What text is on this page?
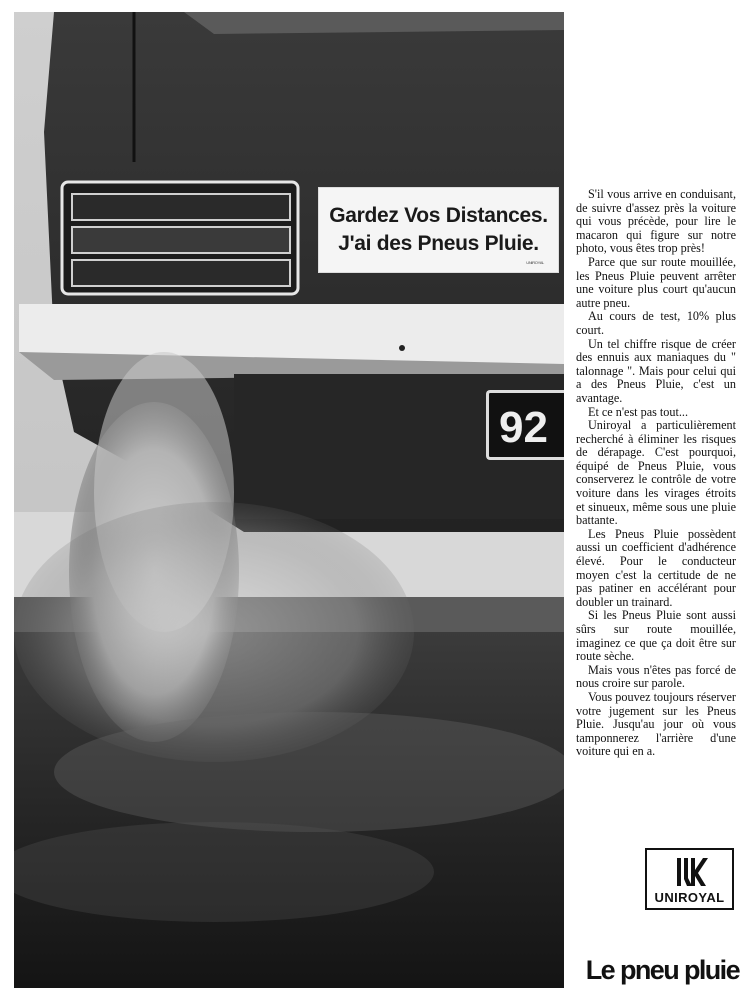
Gardez Vos Distances.
J'ai des Pneus Pluie.
UNIROYAL
92

S'il vous arrive en conduisant, de suivre d'assez près la voiture qui vous précède, pour lire le macaron qui figure sur notre photo, vous êtes trop près!

Parce que sur route mouillée, les Pneus Pluie peuvent arrêter une voiture plus court qu'aucun autre pneu.

Au cours de test, 10% plus court.

Un tel chiffre risque de créer des ennuis aux maniaques du " talonnage ". Mais pour celui qui a des Pneus Pluie, c'est un avantage.

Et ce n'est pas tout...

Uniroyal a particulièrement recherché à éliminer les risques de dérapage. C'est pourquoi, équipé de Pneus Pluie, vous conserverez le contrôle de votre voiture dans les virages étroits et sinueux, même sous une pluie battante.

Les Pneus Pluie possèdent aussi un coefficient d'adhérence élevé. Pour le conducteur moyen c'est la certitude de ne pas patiner en accélérant pour doubler un trainard.

Si les Pneus Pluie sont aussi sûrs sur route mouillée, imaginez ce que ça doit être sur route sèche.

Mais vous n'êtes pas forcé de nous croire sur parole.

Vous pouvez toujours réserver votre jugement sur les Pneus Pluie. Jusqu'au jour où vous tamponnerez l'arrière d'une voiture qui en a.

UNIROYAL
Le pneu pluie
